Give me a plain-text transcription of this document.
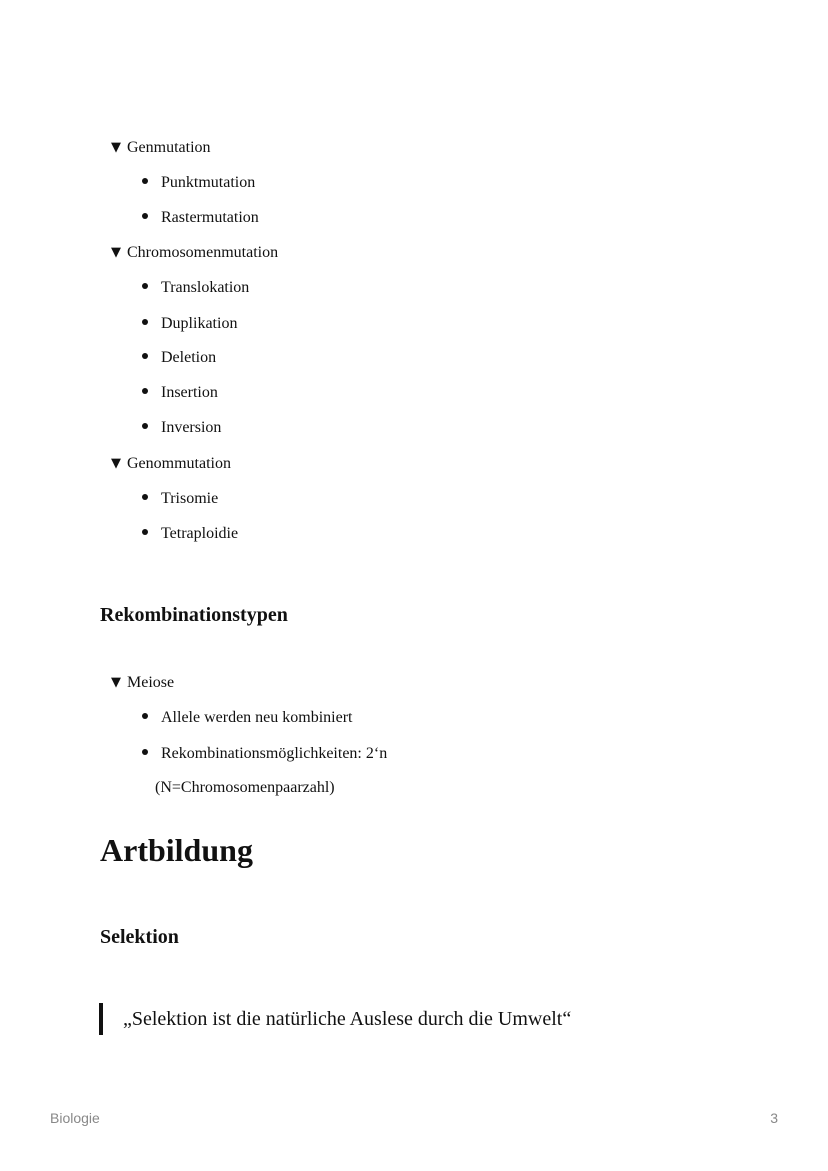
▼ Genmutation
Punktmutation
Rastermutation
▼ Chromosomenmutation
Translokation
Duplikation
Deletion
Insertion
Inversion
▼ Genommutation
Trisomie
Tetraploidie
Rekombinationstypen
▼ Meiose
Allele werden neu kombiniert
Rekombinationsmöglichkeiten: 2‘n
(N=Chromosomenpaarzahl)
Artbildung
Selektion
„Selektion ist die natürliche Auslese durch die Umwelt“
Biologie	3
